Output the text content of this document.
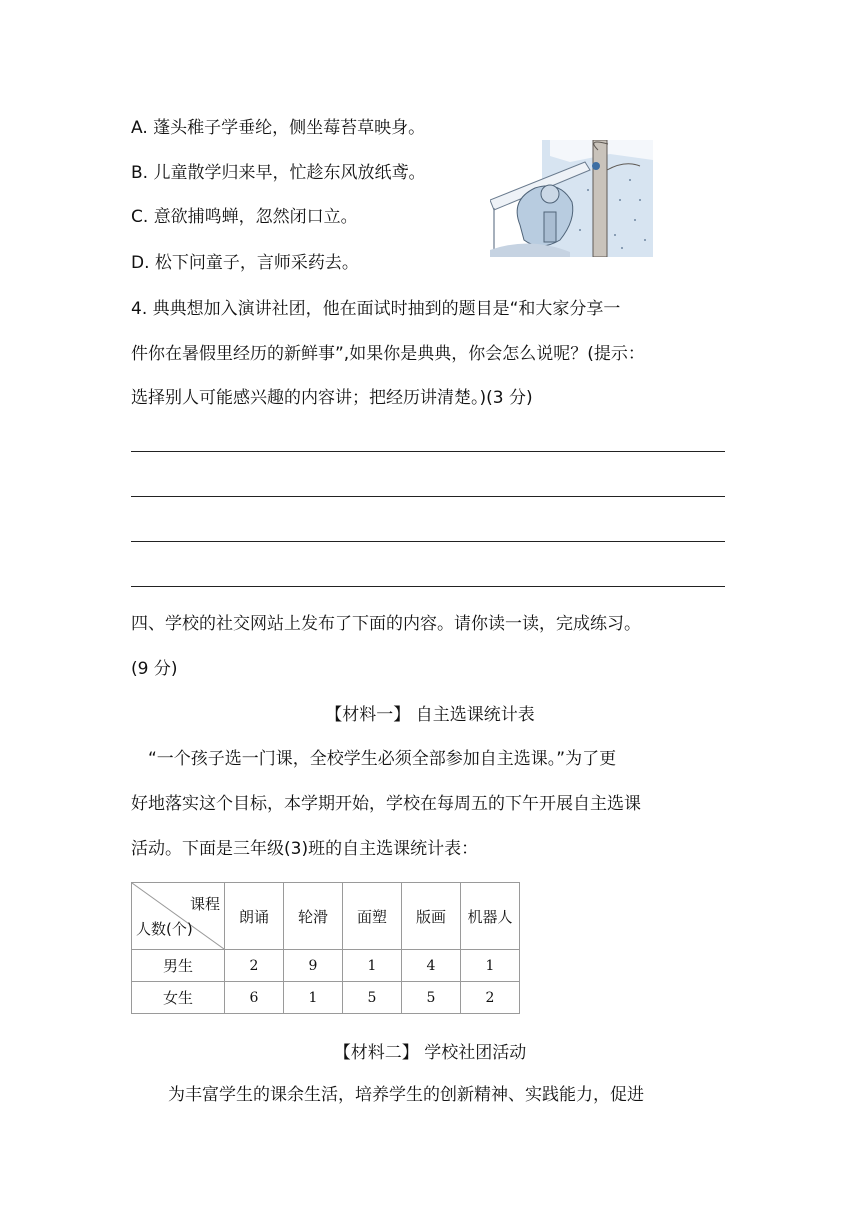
A. 蓬头稚子学垂纶，侧坐莓苔草映身。
B. 儿童散学归来早，忙趁东风放纸鸢。
C. 意欲捕鸣蝉，忽然闭口立。
D. 松下问童子，言师采药去。
4. 典典想加入演讲社团，他在面试时抽到的题目是“和大家分享一
件你在暑假里经历的新鲜事”,如果你是典典，你会怎么说呢？(提示：
选择别人可能感兴趣的内容讲；把经历讲清楚。)(3 分)
四、学校的社交网站上发布了下面的内容。请你读一读，完成练习。
(9 分)
【材料一】 自主选课统计表
“一个孩子选一门课，全校学生必须全部参加自主选课。”为了更
好地落实这个目标，本学期开始，学校在每周五的下午开展自主选课
活动。下面是三年级(3)班的自主选课统计表：
课程
人数(个)	朗诵	轮滑	面塑	版画	机器人
男生	2	9	1	4	1
女生	6	1	5	5	2
【材料二】 学校社团活动
为丰富学生的课余生活，培养学生的创新精神、实践能力，促进
